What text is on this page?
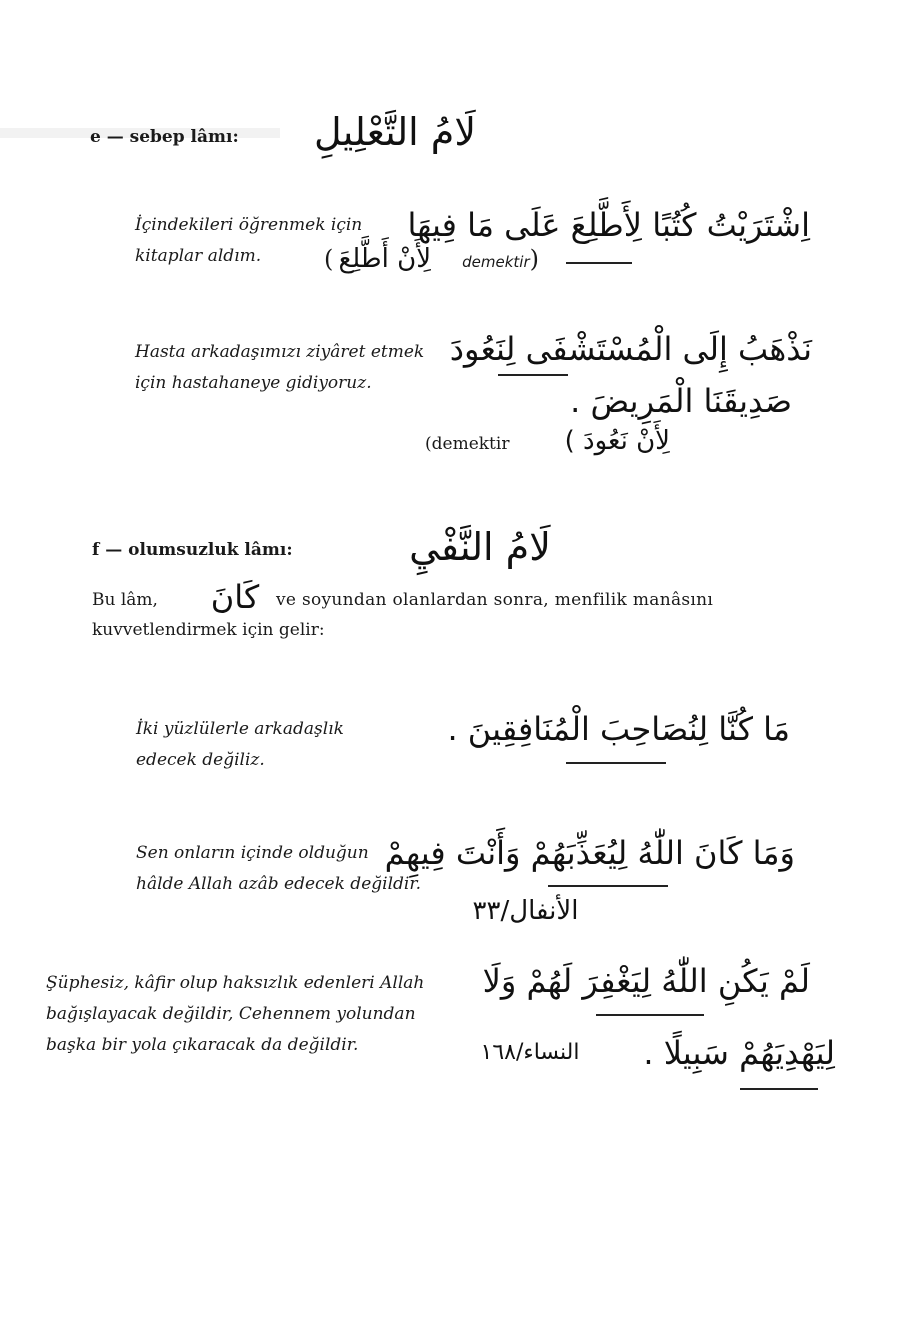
e — sebep lâmı: لَامُ التَّعْلِيلِ
İçindekileri öğrenmek için kitaplar aldım.
اِشْتَرَيْتُ كُتُبًا لِأَطَّلِعَ عَلَى مَا فِيهَا
( لِأَنْ أَطَّلِعَ demektir)
Hasta arkadaşımızı ziyâret etmek için hastahaneye gidiyoruz.
نَذْهَبُ إِلَى الْمُسْتَشْفَى لِنَعُودَ
صَدِيقَنَا الْمَرِيضَ .
(demektir	لِأَنْ نَعُودَ )
f — olumsuzluk lâmı:	لَامُ النَّفْيِ
Bu lâm, كَانَ ve soyundan olanlardan sonra, menfilik manâsını
kuvvetlendirmek için gelir:
İki yüzlülerle arkadaşlık edecek değiliz.
مَا كُنَّا لِنُصَاحِبَ الْمُنَافِقِينَ .
Sen onların içinde olduğun hâlde Allah azâb edecek değildir.
وَمَا كَانَ اللّٰهُ لِيُعَذِّبَهُمْ وَأَنْتَ فِيهِمْ
الأنفال/٣٣
Şüphesiz, kâfir olup haksızlık edenleri Allah bağışlayacak değildir, Cehennem yolundan başka bir yola çıkaracak da değildir.
لَمْ يَكُنِ اللّٰهُ لِيَغْفِرَ لَهُمْ وَلَا
لِيَهْدِيَهُمْ سَبِيلًا .
النساء/١٦٨
